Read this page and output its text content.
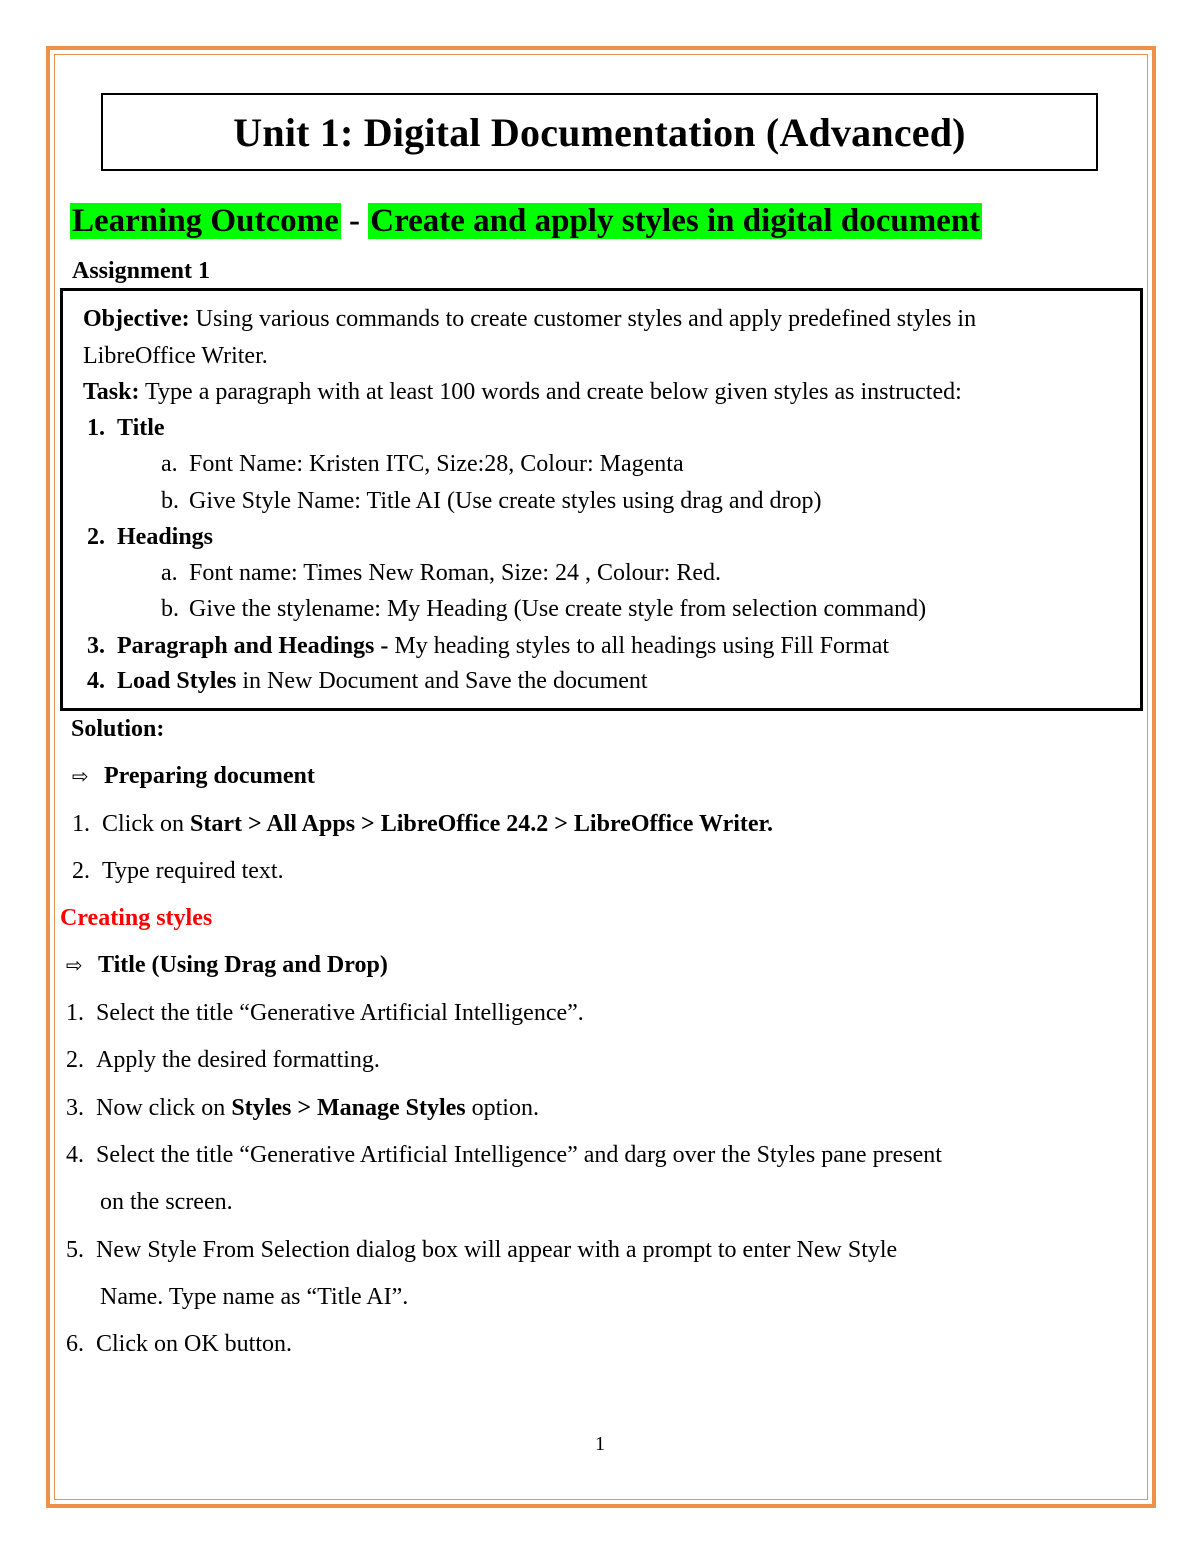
Unit 1: Digital Documentation (Advanced)
Learning Outcome - Create and apply styles in digital document
Assignment 1
Objective: Using various commands to create customer styles and apply predefined styles in
LibreOffice Writer.
Task: Type a paragraph with at least 100 words and create below given styles as instructed:
1. Title
a. Font Name: Kristen ITC, Size:28, Colour: Magenta
b. Give Style Name: Title AI (Use create styles using drag and drop)
2. Headings
a. Font name: Times New Roman, Size: 24 , Colour: Red.
b. Give the stylename: My Heading (Use create style from selection command)
3. Paragraph and Headings - My heading styles to all headings using Fill Format
4. Load Styles in New Document and Save the document
Solution:
⇨ Preparing document
1. Click on Start > All Apps > LibreOffice 24.2 > LibreOffice Writer.
2. Type required text.
Creating styles
⇨ Title (Using Drag and Drop)
1. Select the title “Generative Artificial Intelligence”.
2. Apply the desired formatting.
3. Now click on Styles > Manage Styles option.
4. Select the title “Generative Artificial Intelligence” and darg over the Styles pane present
on the screen.
5. New Style From Selection dialog box will appear with a prompt to enter New Style
Name. Type name as “Title AI”.
6. Click on OK button.
1
